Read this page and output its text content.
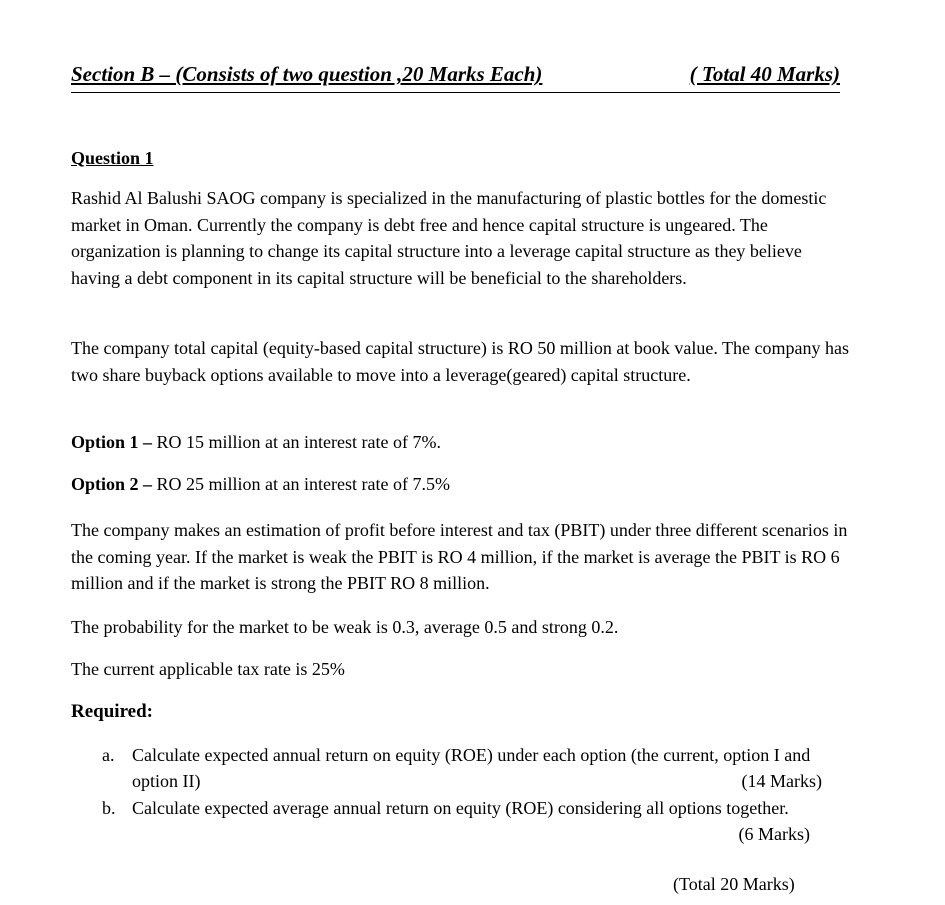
Section B – (Consists of two question ,20 Marks Each)	( Total 40 Marks)
Question 1

Rashid Al Balushi SAOG company is specialized in the manufacturing of plastic bottles for the domestic market in Oman. Currently the company is debt free and hence capital structure is ungeared. The organization is planning to change its capital structure into a leverage capital structure as they believe having a debt component in its capital structure will be beneficial to the shareholders.

The company total capital (equity-based capital structure) is RO 50 million at book value. The company has two share buyback options available to move into a leverage(geared) capital structure.

Option 1 – RO 15 million at an interest rate of 7%.
Option 2 – RO 25 million at an interest rate of 7.5%

The company makes an estimation of profit before interest and tax (PBIT) under three different scenarios in the coming year. If the market is weak the PBIT is RO 4 million, if the market is average the PBIT is RO 6 million and if the market is strong the PBIT RO 8 million.

The probability for the market to be weak is 0.3, average 0.5 and strong 0.2.

The current applicable tax rate is 25%

Required:
a. Calculate expected annual return on equity (ROE) under each option (the current, option I and option II)	(14 Marks)
b. Calculate expected average annual return on equity (ROE) considering all options together.
(6 Marks)
(Total 20 Marks)
